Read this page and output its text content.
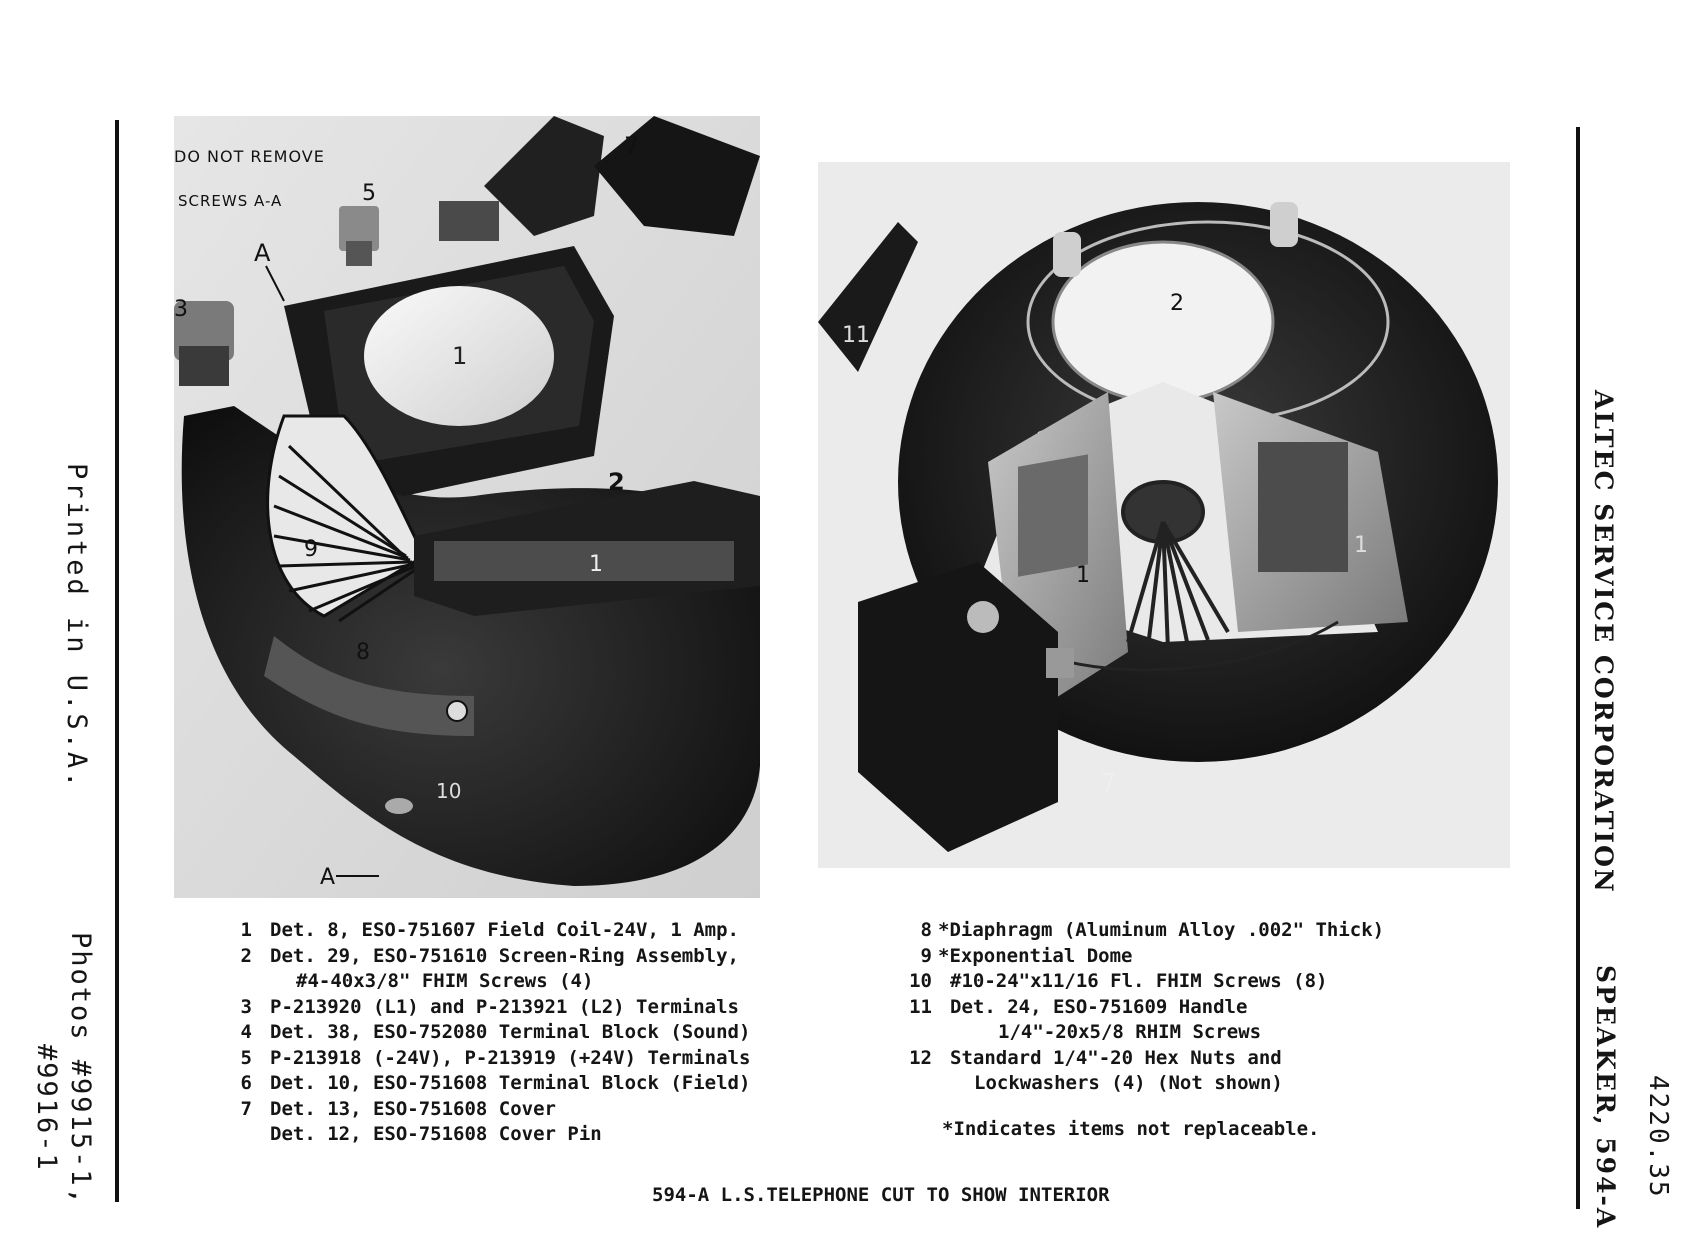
Printed in U.S.A.
Photos #9915-1,
#9916-1
ALTEC SERVICE CORPORATION
SPEAKER, 594-A 4220.35
DO NOT REMOVE
SCREWS A-A	5
7
A
3
1
2
1
9
8
10
A
2
11
1
1
7
1 Det. 8, ESO-751607 Field Coil-24V, 1 Amp.
2 Det. 29, ESO-751610 Screen-Ring Assembly,
#4-40x3/8" FHIM Screws (4)
3 P-213920 (L1) and P-213921 (L2) Terminals
4 Det. 38, ESO-752080 Terminal Block (Sound)
5 P-213918 (-24V), P-213919 (+24V) Terminals
6 Det. 10, ESO-751608 Terminal Block (Field)
7 Det. 13, ESO-751608 Cover
Det. 12, ESO-751608 Cover Pin
8 *Diaphragm (Aluminum Alloy .002" Thick)
9 *Exponential Dome
10 #10-24"x11/16 Fl. FHIM Screws (8)
11 Det. 24, ESO-751609 Handle
1/4"-20x5/8 RHIM Screws
12 Standard 1/4"-20 Hex Nuts and
Lockwashers (4) (Not shown)
*Indicates items not replaceable.
594-A L.S.TELEPHONE CUT TO SHOW INTERIOR
